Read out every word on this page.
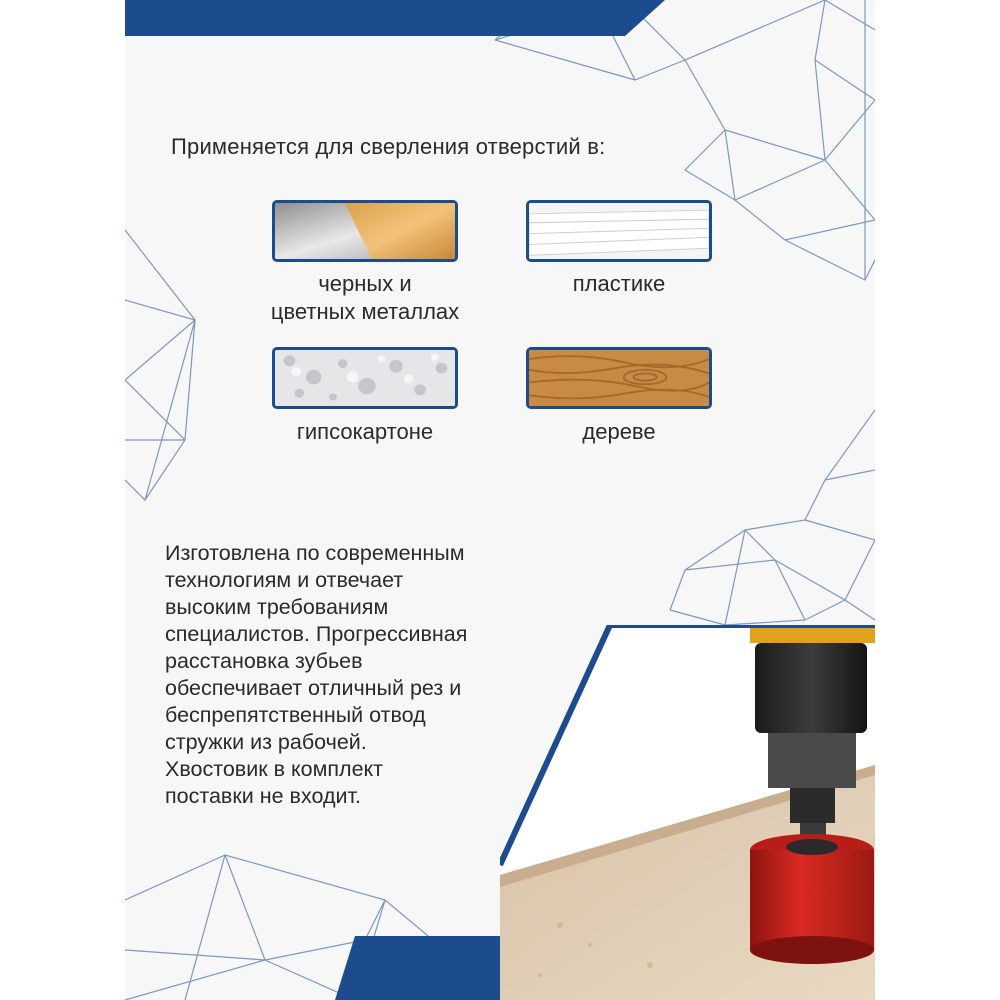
Применяется для сверления отверстий в:
черных и
цветных металлах
пластике
гипсокартоне	дереве
Изготовлена по современным
технологиям и отвечает
высоким требованиям
специалистов. Прогрессивная
расстановка зубьев
обеспечивает отличный рез и
беспрепятственный отвод
стружки из рабочей.
Хвостовик в комплект
поставки не входит.
